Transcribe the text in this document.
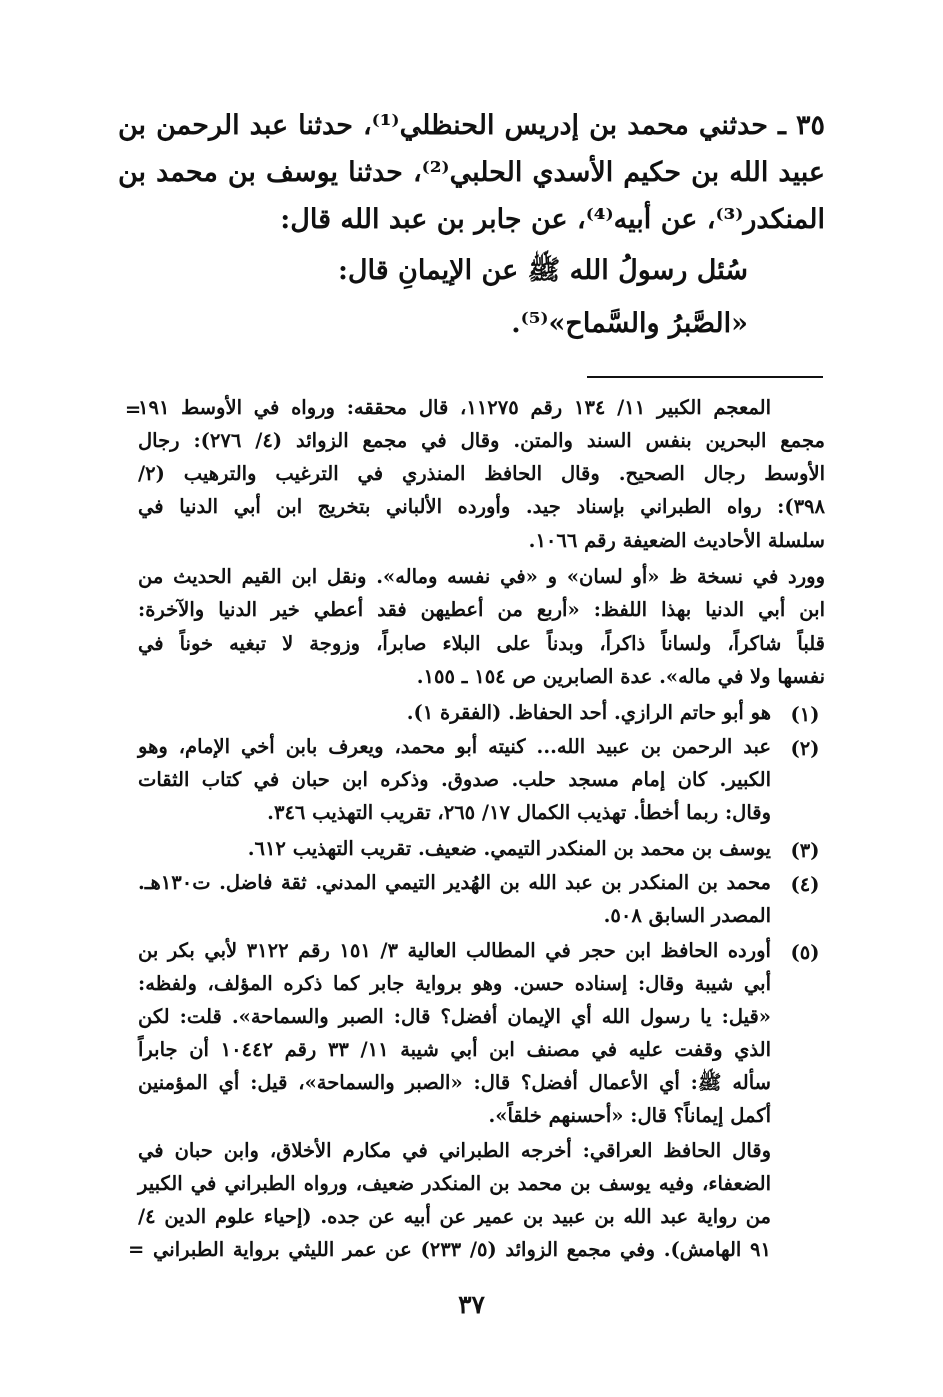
٣٥ ـ حدثني محمد بن إدريس الحنظلي⁽¹⁾، حدثنا عبد الرحمن بن
عبيد الله بن حكيم الأسدي الحلبي⁽²⁾، حدثنا يوسف بن محمد بن
المنكدر⁽³⁾، عن أبيه⁽⁴⁾، عن جابر بن عبد الله قال:
سُئل رسولُ الله ﷺ عن الإيمانِ قال:
«الصَّبرُ والسَّماح»⁽⁵⁾.
=
المعجم الكبير ١١/ ١٣٤ رقم ١١٢٧٥، قال محققه: ورواه في الأوسط ١٩١
مجمع البحرين بنفس السند والمتن. وقال في مجمع الزوائد (٤/ ٢٧٦): رجال
الأوسط رجال الصحيح. وقال الحافظ المنذري في الترغيب والترهيب (٢/
٣٩٨): رواه الطبراني بإسناد جيد. وأورده الألباني بتخريج ابن أبي الدنيا في
سلسلة الأحاديث الضعيفة رقم ١٠٦٦.
وورد في نسخة ظ «أو لسان» و «في نفسه وماله». ونقل ابن القيم الحديث من
ابن أبي الدنيا بهذا اللفظ: «أربع من أعطيهن فقد أعطي خير الدنيا والآخرة:
قلباً شاكراً، ولساناً ذاكراً، وبدناً على البلاء صابراً، وزوجة لا تبغيه خوناً في
نفسها ولا في ماله». عدة الصابرين ص ١٥٤ ـ ١٥٥.
(١)
هو أبو حاتم الرازي. أحد الحفاظ. (الفقرة ١).
(٢)
عبد الرحمن بن عبيد الله... كنيته أبو محمد، ويعرف بابن أخي الإمام، وهو
الكبير. كان إمام مسجد حلب. صدوق. وذكره ابن حبان في كتاب الثقات
وقال: ربما أخطأ. تهذيب الكمال ١٧/ ٢٦٥، تقريب التهذيب ٣٤٦.
(٣)
يوسف بن محمد بن المنكدر التيمي. ضعيف. تقريب التهذيب ٦١٢.
(٤)
محمد بن المنكدر بن عبد الله بن الهُدير التيمي المدني. ثقة فاضل. ت١٣٠هـ.
المصدر السابق ٥٠٨.
(٥)
أورده الحافظ ابن حجر في المطالب العالية ٣/ ١٥١ رقم ٣١٢٢ لأبي بكر بن
أبي شيبة وقال: إسناده حسن. وهو برواية جابر كما ذكره المؤلف، ولفظه:
«قيل: يا رسول الله أي الإيمان أفضل؟ قال: الصبر والسماحة». قلت: لكن
الذي وقفت عليه في مصنف ابن أبي شيبة ١١/ ٣٣ رقم ١٠٤٤٢ أن جابراً
سأله ﷺ: أي الأعمال أفضل؟ قال: «الصبر والسماحة»، قيل: أي المؤمنين
أكمل إيماناً؟ قال: «أحسنهم خلقاً».
وقال الحافظ العراقي: أخرجه الطبراني في مكارم الأخلاق، وابن حبان في
الضعفاء، وفيه يوسف بن محمد بن المنكدر ضعيف، ورواه الطبراني في الكبير
من رواية عبد الله بن عبيد بن عمير عن أبيه عن جده. (إحياء علوم الدين ٤/
٩١ الهامش). وفي مجمع الزوائد (٥/ ٢٣٣) عن عمر الليثي برواية الطبراني =
٣٧
